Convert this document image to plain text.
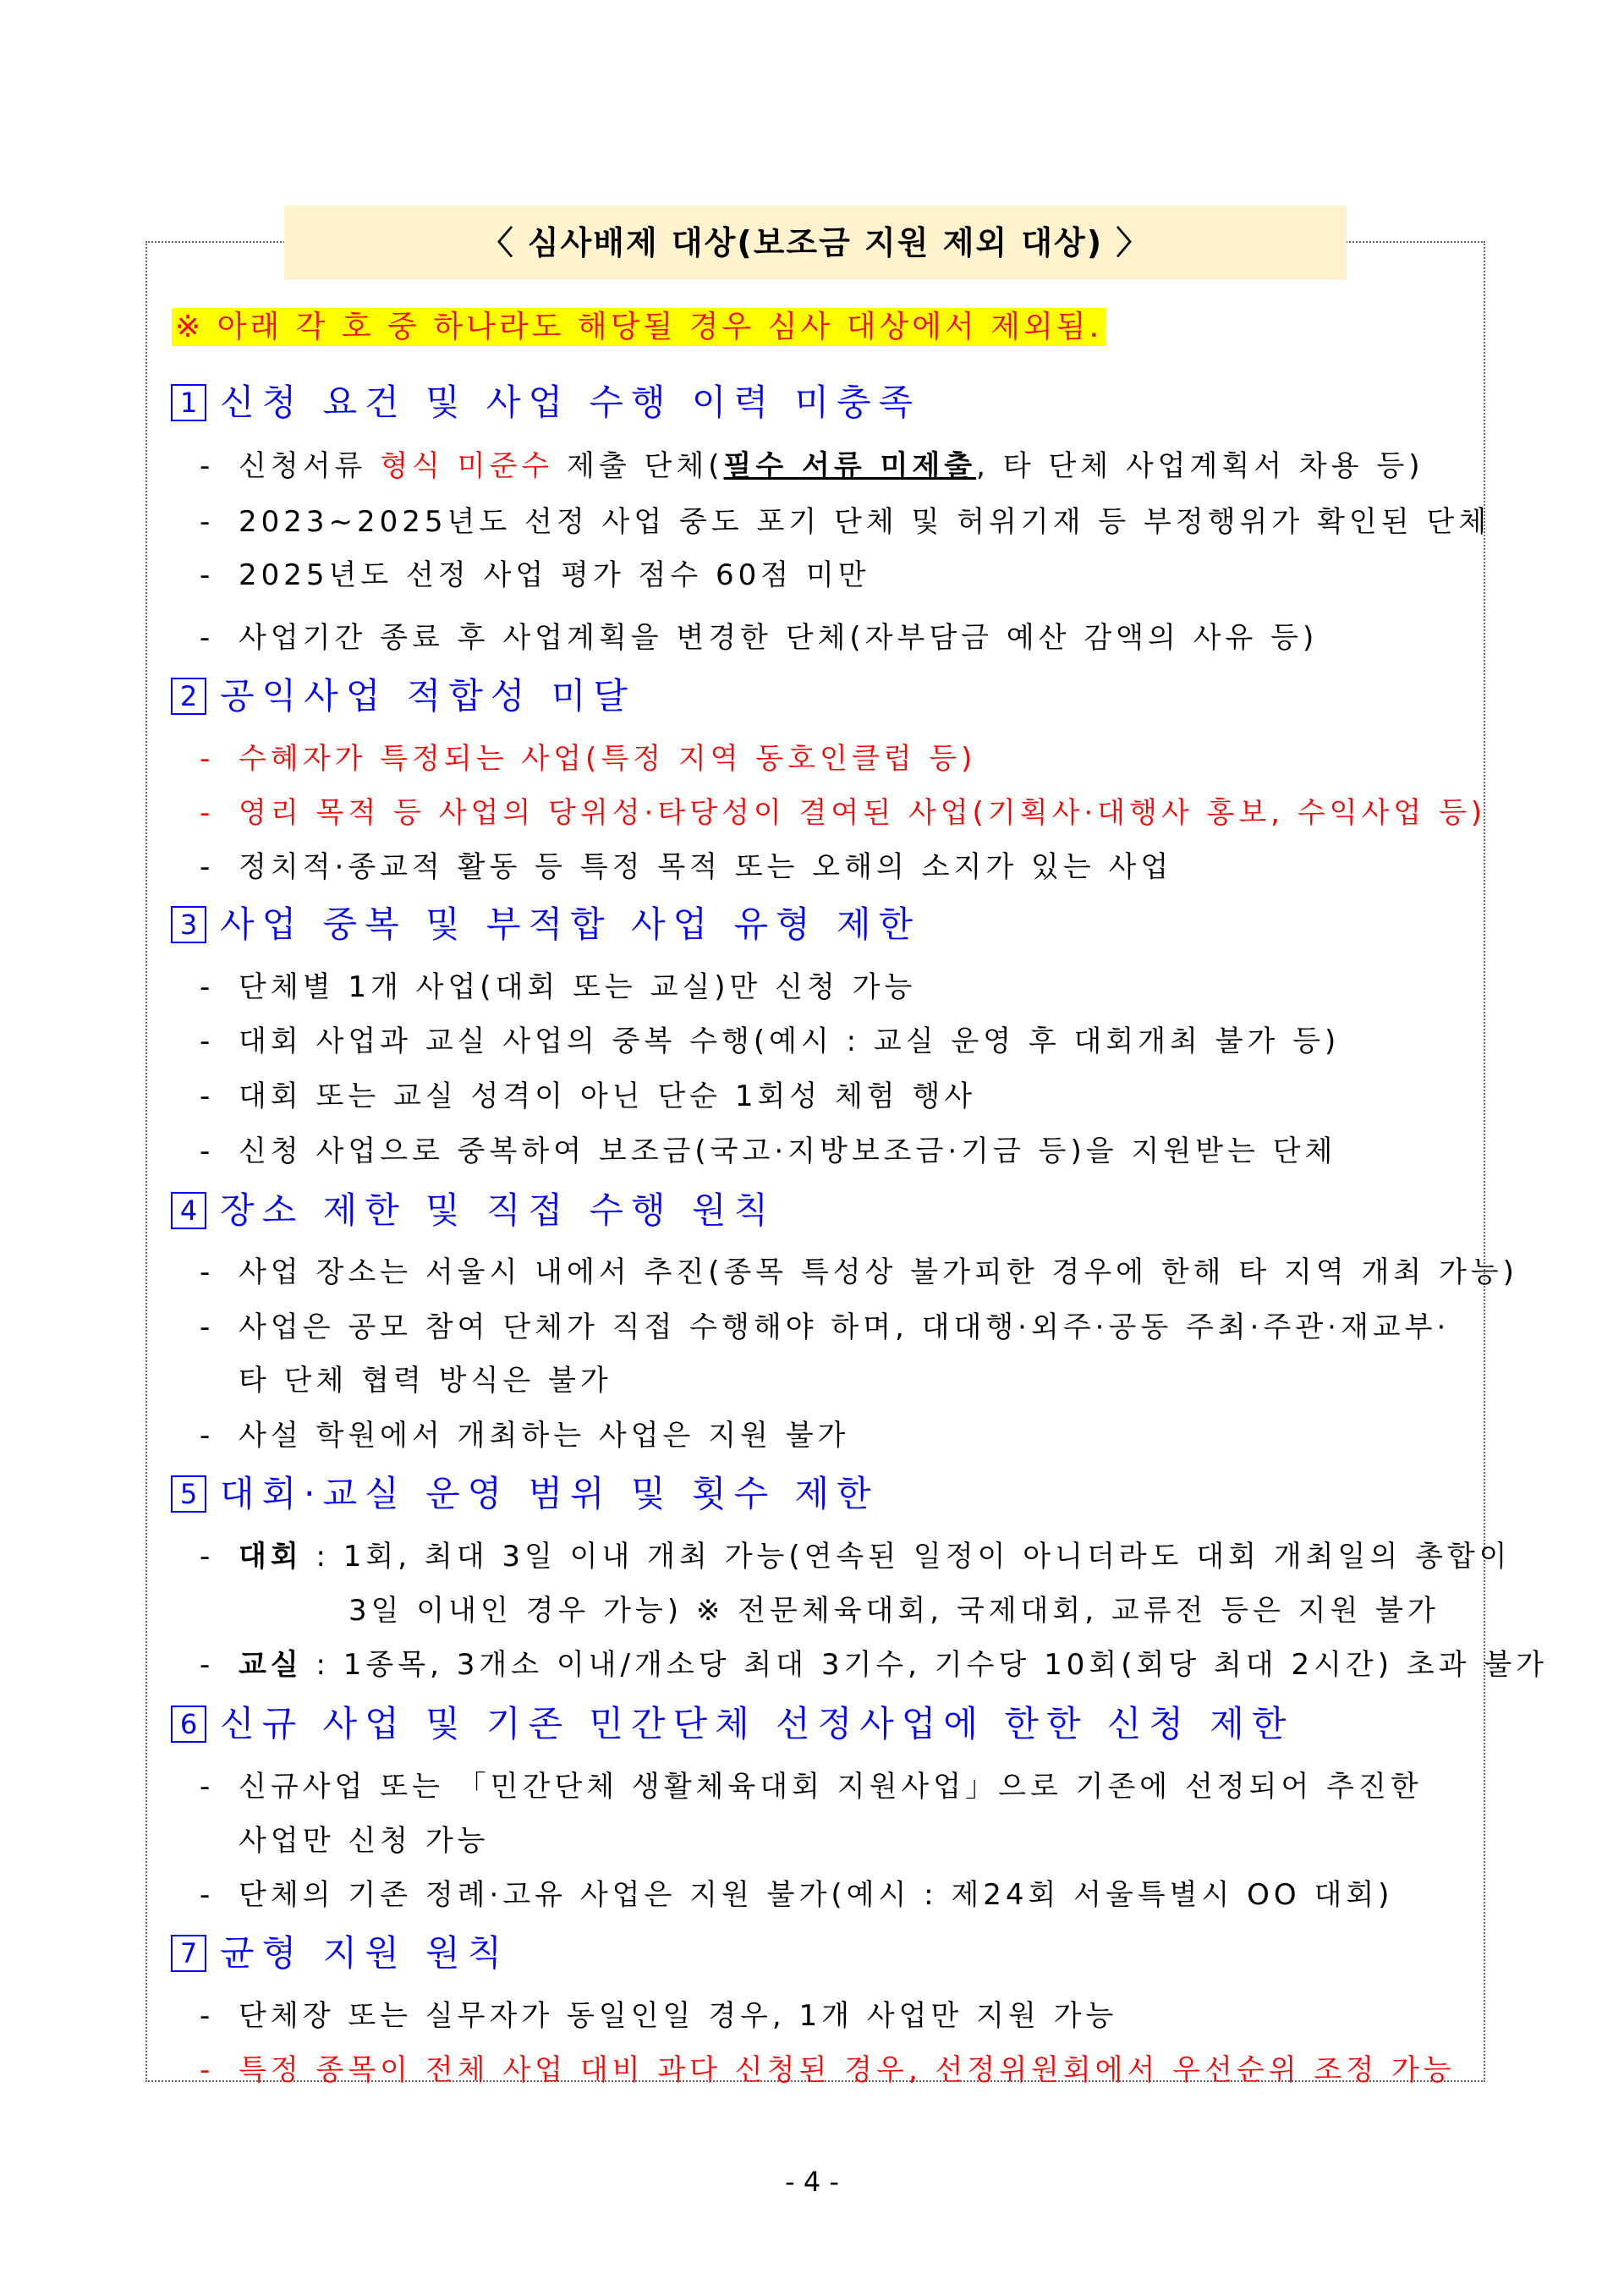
〈 심사배제 대상(보조금 지원 제외 대상) 〉
※ 아래 각 호 중 하나라도 해당될 경우 심사 대상에서 제외됨.
1 신청 요건 및 사업 수행 이력 미충족
- 신청서류 형식 미준수 제출 단체(필수 서류 미제출, 타 단체 사업계획서 차용 등)
- 2023~2025년도 선정 사업 중도 포기 단체 및 허위기재 등 부정행위가 확인된 단체
- 2025년도 선정 사업 평가 점수 60점 미만
- 사업기간 종료 후 사업계획을 변경한 단체(자부담금 예산 감액의 사유 등)
2 공익사업 적합성 미달
- 수혜자가 특정되는 사업(특정 지역 동호인클럽 등)
- 영리 목적 등 사업의 당위성·타당성이 결여된 사업(기획사·대행사 홍보, 수익사업 등)
- 정치적·종교적 활동 등 특정 목적 또는 오해의 소지가 있는 사업
3 사업 중복 및 부적합 사업 유형 제한
- 단체별 1개 사업(대회 또는 교실)만 신청 가능
- 대회 사업과 교실 사업의 중복 수행(예시 : 교실 운영 후 대회개최 불가 등)
- 대회 또는 교실 성격이 아닌 단순 1회성 체험 행사
- 신청 사업으로 중복하여 보조금(국고·지방보조금·기금 등)을 지원받는 단체
4 장소 제한 및 직접 수행 원칙
- 사업 장소는 서울시 내에서 추진(종목 특성상 불가피한 경우에 한해 타 지역 개최 가능)
- 사업은 공모 참여 단체가 직접 수행해야 하며, 대대행·외주·공동 주최·주관·재교부·
타 단체 협력 방식은 불가
- 사설 학원에서 개최하는 사업은 지원 불가
5 대회·교실 운영 범위 및 횟수 제한
- 대회 : 1회, 최대 3일 이내 개최 가능(연속된 일정이 아니더라도 대회 개최일의 총합이
3일 이내인 경우 가능) ※ 전문체육대회, 국제대회, 교류전 등은 지원 불가
- 교실 : 1종목, 3개소 이내/개소당 최대 3기수, 기수당 10회(회당 최대 2시간) 초과 불가
6 신규 사업 및 기존 민간단체 선정사업에 한한 신청 제한
- 신규사업 또는 「민간단체 생활체육대회 지원사업」으로 기존에 선정되어 추진한
사업만 신청 가능
- 단체의 기존 정례·고유 사업은 지원 불가(예시 : 제24회 서울특별시 OO 대회)
7 균형 지원 원칙
- 단체장 또는 실무자가 동일인일 경우, 1개 사업만 지원 가능
- 특정 종목이 전체 사업 대비 과다 신청된 경우, 선정위원회에서 우선순위 조정 가능
- 4 -
